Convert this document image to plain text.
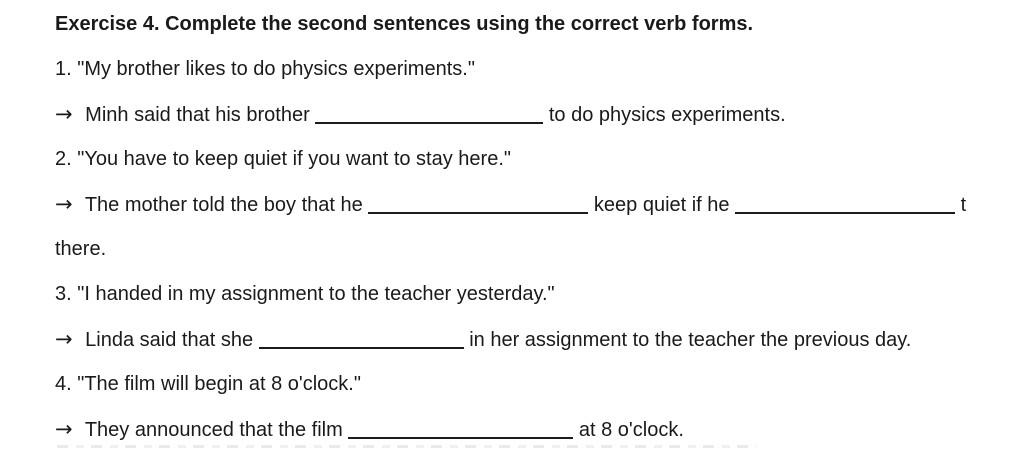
Exercise 4. Complete the second sentences using the correct verb forms.
1. "My brother likes to do physics experiments."
→ Minh said that his brother	to do physics experiments.
2. "You have to keep quiet if you want to stay here."
→ The mother told the boy that he	keep quiet if he	t
there.
3. "I handed in my assignment to the teacher yesterday."
→ Linda said that she	in her assignment to the teacher the previous day.
4. "The film will begin at 8 o'clock."
→ They announced that the film	at 8 o'clock.
